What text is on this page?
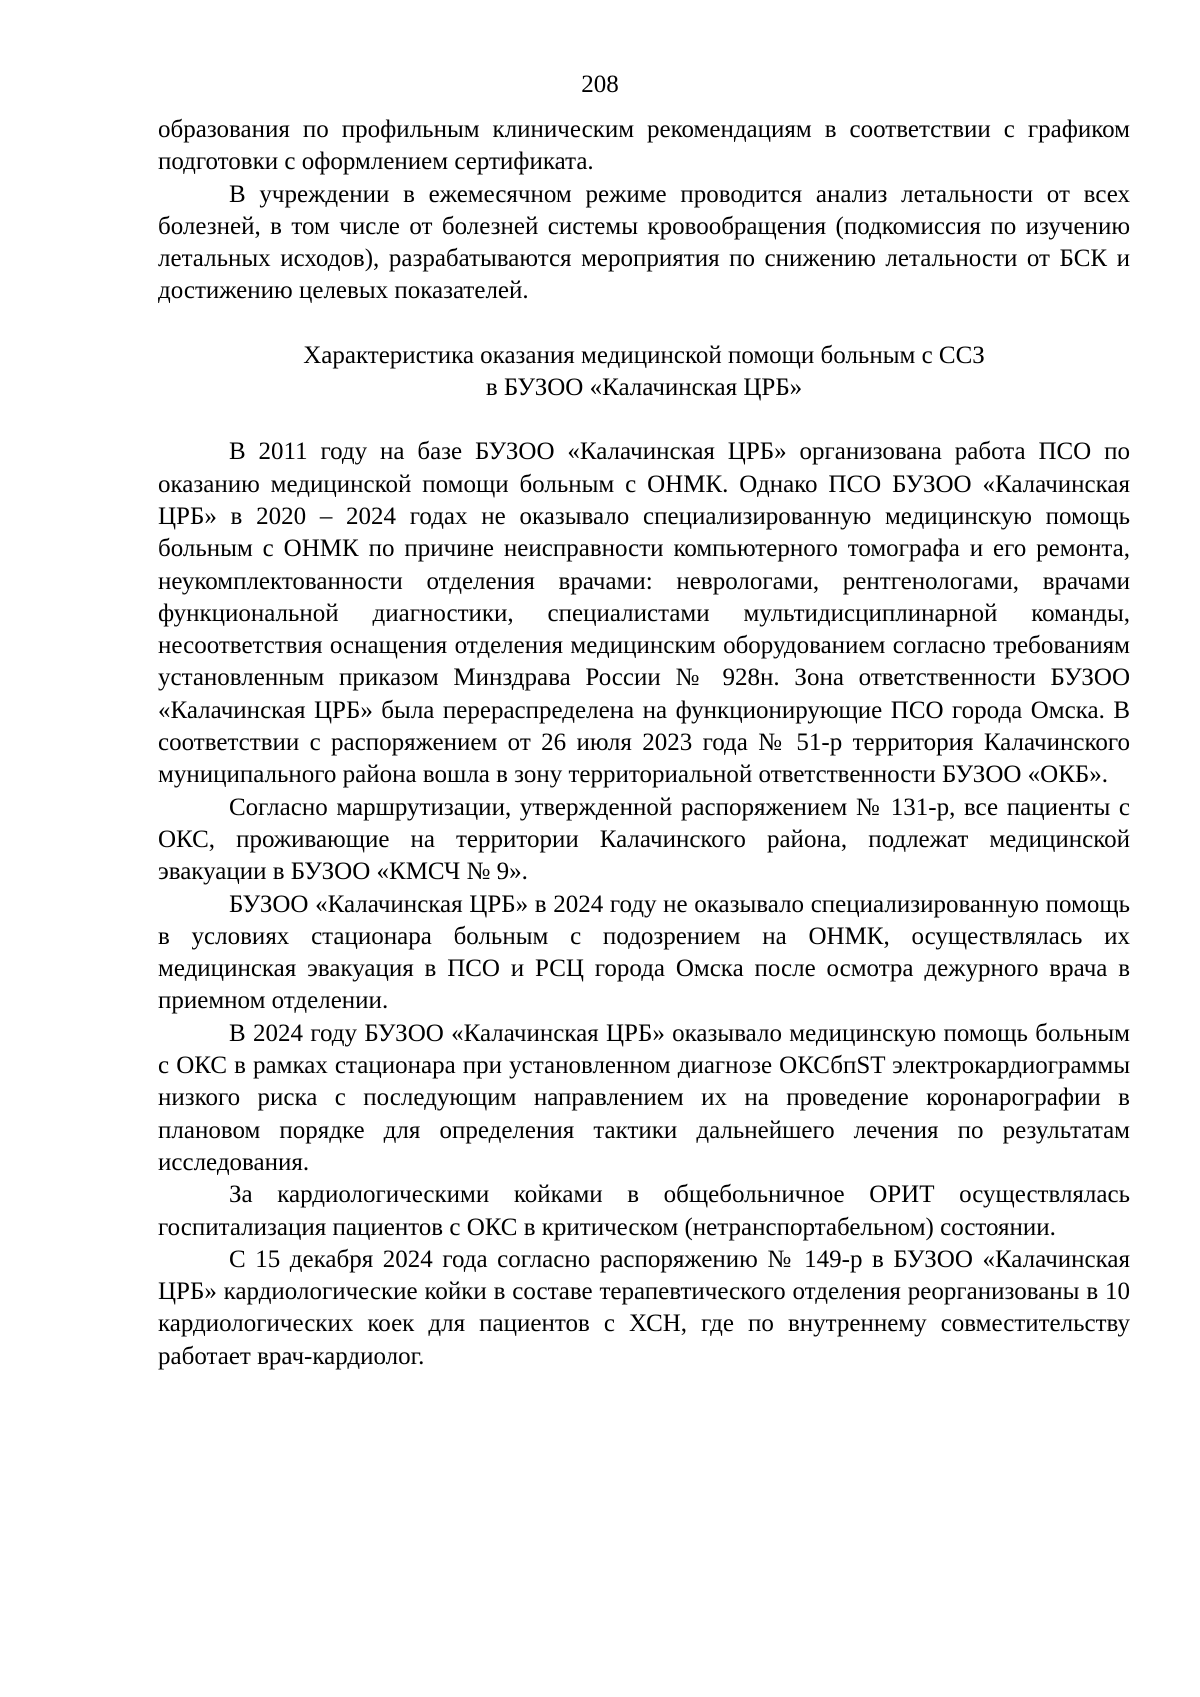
208

образования по профильным клиническим рекомендациям в соответствии с графиком подготовки с оформлением сертификата.

В учреждении в ежемесячном режиме проводится анализ летальности от всех болезней, в том числе от болезней системы кровообращения (подкомиссия по изучению летальных исходов), разрабатываются мероприятия по снижению летальности от БСК и достижению целевых показателей.

Характеристика оказания медицинской помощи больным с ССЗ
в БУЗОО «Калачинская ЦРБ»

В 2011 году на базе БУЗОО «Калачинская ЦРБ» организована работа ПСО по оказанию медицинской помощи больным с ОНМК. Однако ПСО БУЗОО «Калачинская ЦРБ» в 2020 – 2024 годах не оказывало специализированную медицинскую помощь больным с ОНМК по причине неисправности компьютерного томографа и его ремонта, неукомплектованности отделения врачами: неврологами, рентгенологами, врачами функциональной диагностики, специалистами мультидисциплинарной команды, несоответствия оснащения отделения медицинским оборудованием согласно требованиям установленным приказом Минздрава России № 928н. Зона ответственности БУЗОО «Калачинская ЦРБ» была перераспределена на функционирующие ПСО города Омска. В соответствии с распоряжением от 26 июля 2023 года № 51-р территория Калачинского муниципального района вошла в зону территориальной ответственности БУЗОО «ОКБ».

Согласно маршрутизации, утвержденной распоряжением № 131-р, все пациенты с ОКС, проживающие на территории Калачинского района, подлежат медицинской эвакуации в БУЗОО «КМСЧ № 9».

БУЗОО «Калачинская ЦРБ» в 2024 году не оказывало специализированную помощь в условиях стационара больным с подозрением на ОНМК, осуществлялась их медицинская эвакуация в ПСО и РСЦ города Омска после осмотра дежурного врача в приемном отделении.

В 2024 году БУЗОО «Калачинская ЦРБ» оказывало медицинскую помощь больным с ОКС в рамках стационара при установленном диагнозе ОКСбпST электрокардиограммы низкого риска с последующим направлением их на проведение коронарографии в плановом порядке для определения тактики дальнейшего лечения по результатам исследования.

За кардиологическими койками в общебольничное ОРИТ осуществлялась госпитализация пациентов с ОКС в критическом (нетранспортабельном) состоянии.

С 15 декабря 2024 года согласно распоряжению № 149-р в БУЗОО «Калачинская ЦРБ» кардиологические койки в составе терапевтического отделения реорганизованы в 10 кардиологических коек для пациентов с ХСН, где по внутреннему совместительству работает врач-кардиолог.
